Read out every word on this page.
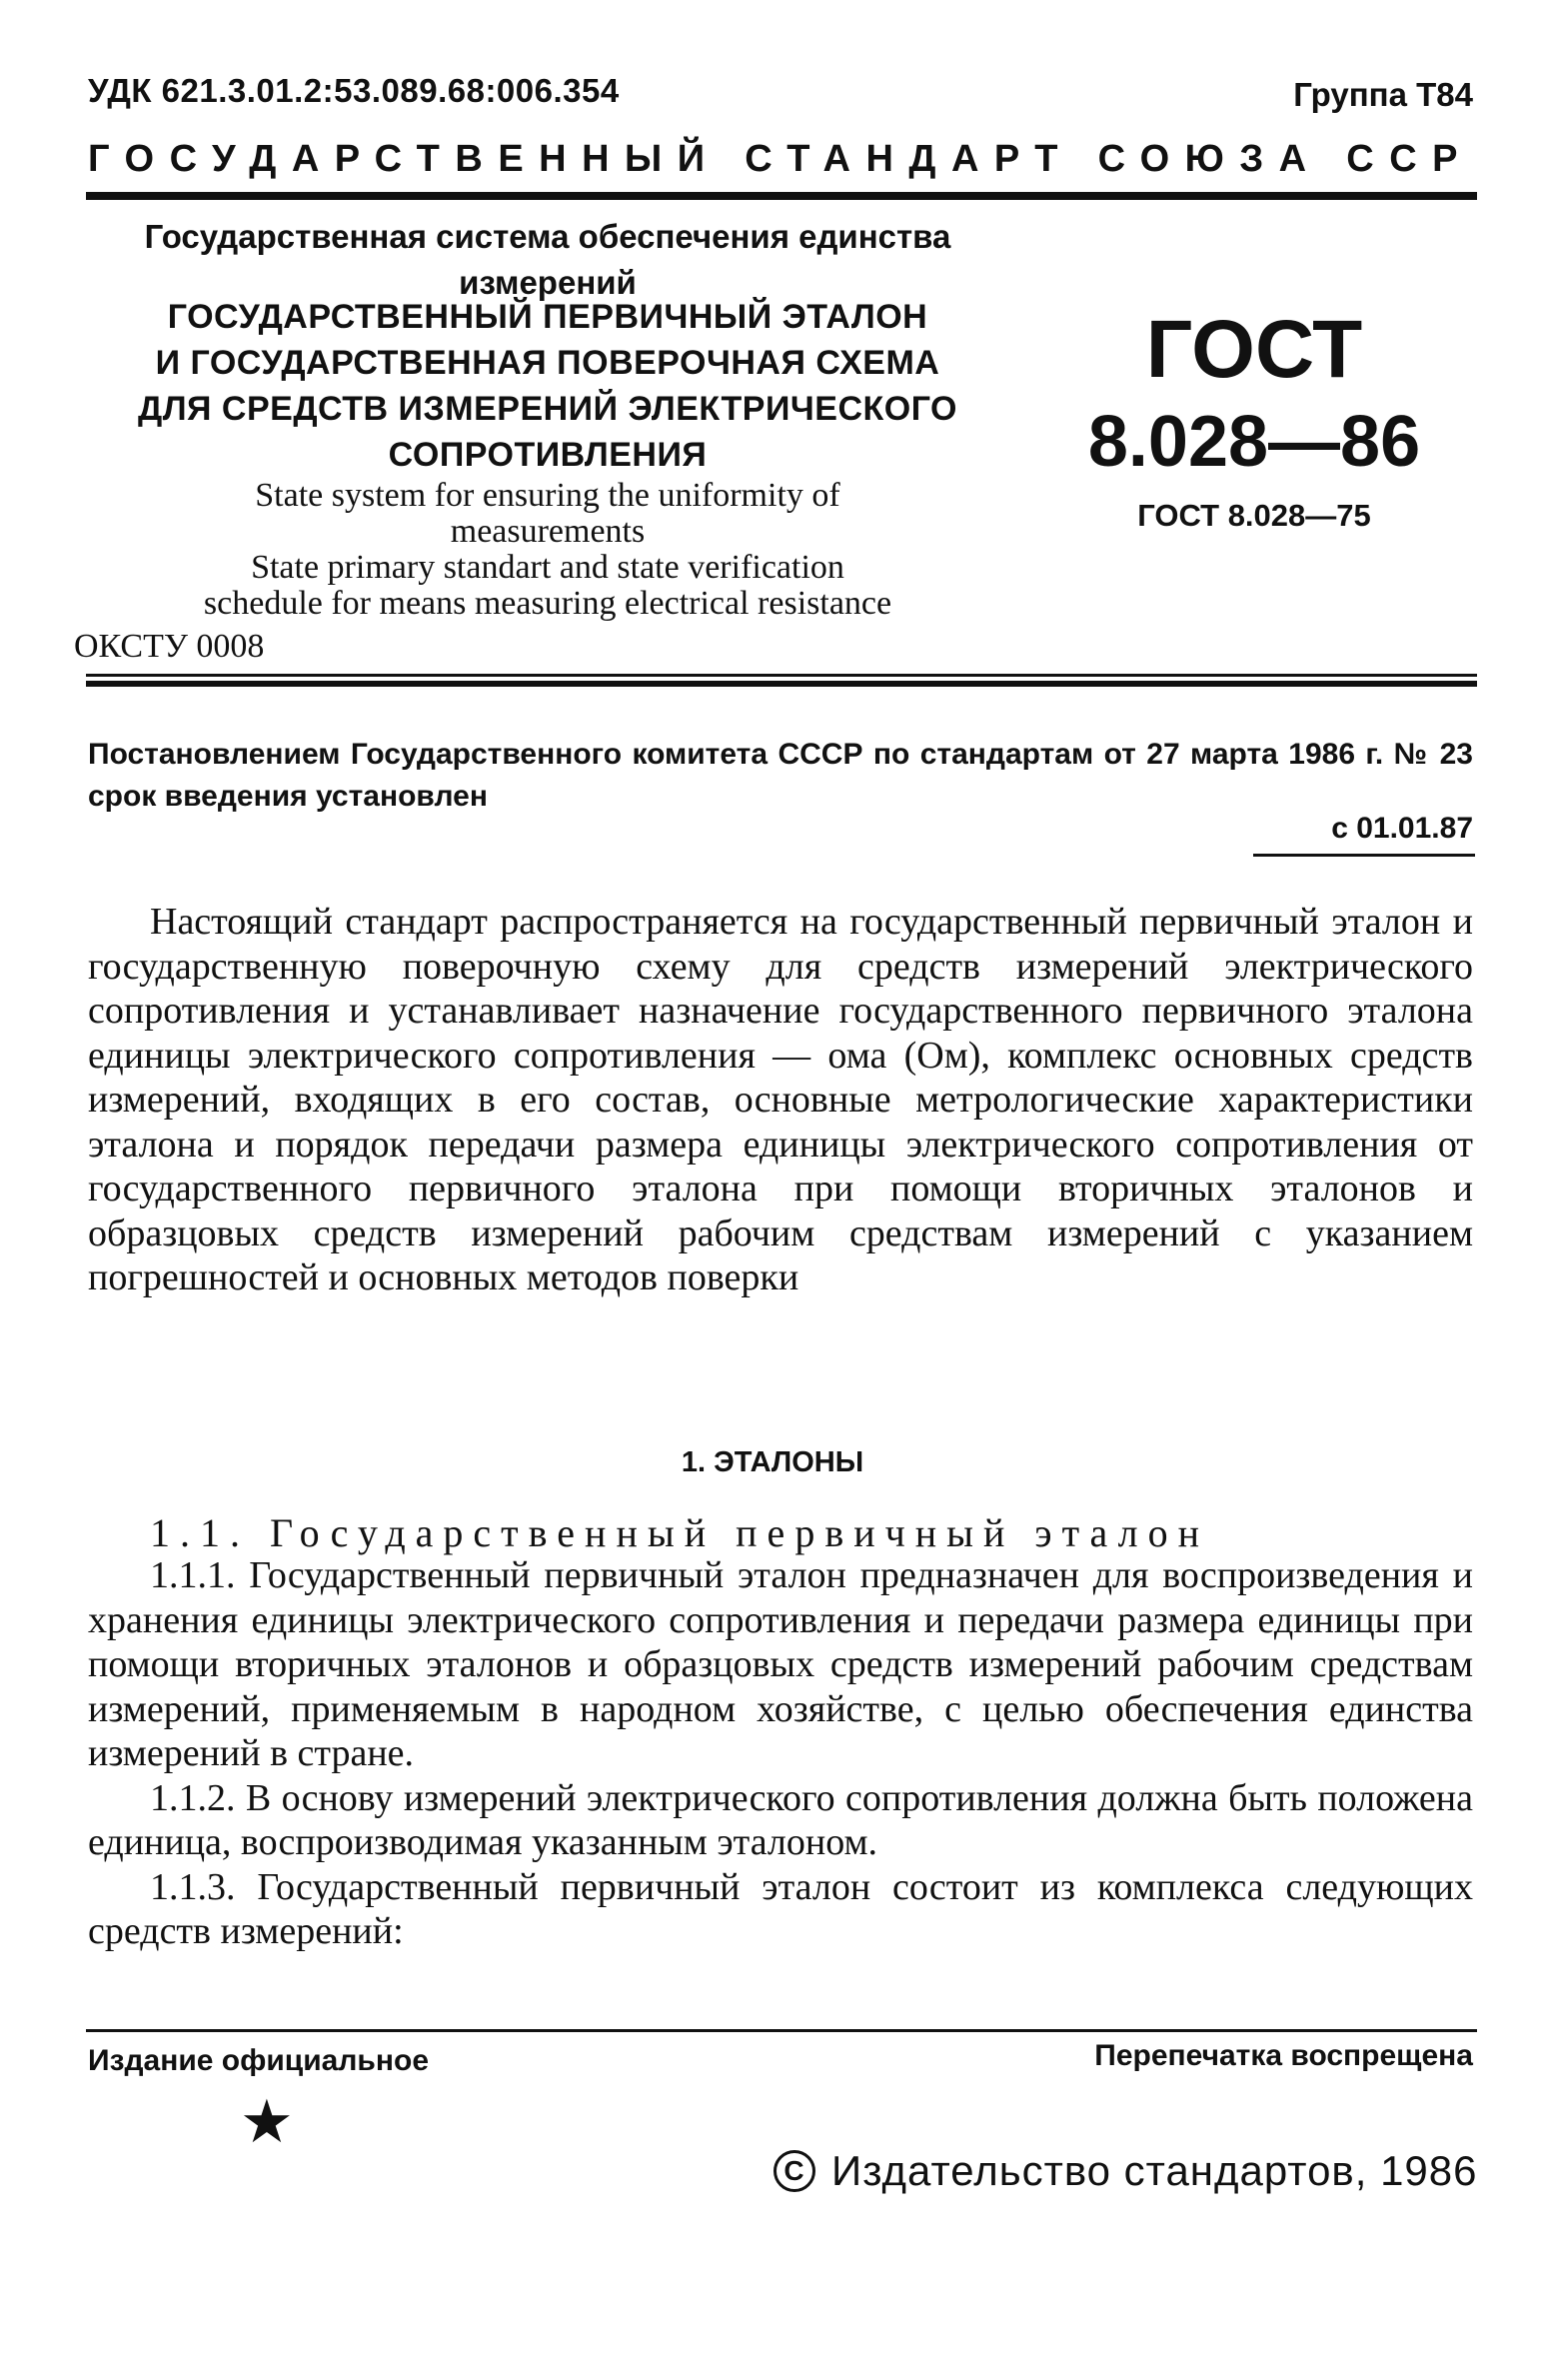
УДК 621.3.01.2:53.089.68:006.354	Группа Т84
ГОСУДАРСТВЕННЫЙ СТАНДАРТ СОЮЗА ССР
Государственная система обеспечения единства
измерений
ГОСУДАРСТВЕННЫЙ ПЕРВИЧНЫЙ ЭТАЛОН
И ГОСУДАРСТВЕННАЯ ПОВЕРОЧНАЯ СХЕМА
ДЛЯ СРЕДСТВ ИЗМЕРЕНИЙ ЭЛЕКТРИЧЕСКОГО
СОПРОТИВЛЕНИЯ

State system for ensuring the uniformity of

measurements

State primary standart and state verification

schedule for means measuring electrical resistance

ОКСТУ 0008
ГОСТ
8.028—86
ГОСТ 8.028—75
Постановлением Государственного комитета СССР по стандартам от 27 марта 1986 г. № 23 срок введения установлен
с 01.01.87

Настоящий стандарт распространяется на государственный первичный эталон и государственную поверочную схему для средств измерений электрического сопротивления и устанавливает назначение государственного первичного эталона единицы электрического сопротивления — ома (Ом), комплекс основных средств измерений, входящих в его состав, основные метрологические характеристики эталона и порядок передачи размера единицы электрического сопротивления от государственного первичного эталона при помощи вторичных эталонов и образцовых средств измерений рабочим средствам измерений с указанием погрешностей и основных методов поверки

1. ЭТАЛОНЫ
1.1. Государственный первичный эталон

1.1.1. Государственный первичный эталон предназначен для воспроизведения и хранения единицы электрического сопротивления и передачи размера единицы при помощи вторичных эталонов и образцовых средств измерений рабочим средствам измерений, применяемым в народном хозяйстве, с целью обеспечения единства измерений в стране.

1.1.2. В основу измерений электрического сопротивления должна быть положена единица, воспроизводимая указанным эталоном.

1.1.3. Государственный первичный эталон состоит из комплекса следующих средств измерений:

Издание официальное	Перепечатка воспрещена
★
С Издательство стандартов, 1986
